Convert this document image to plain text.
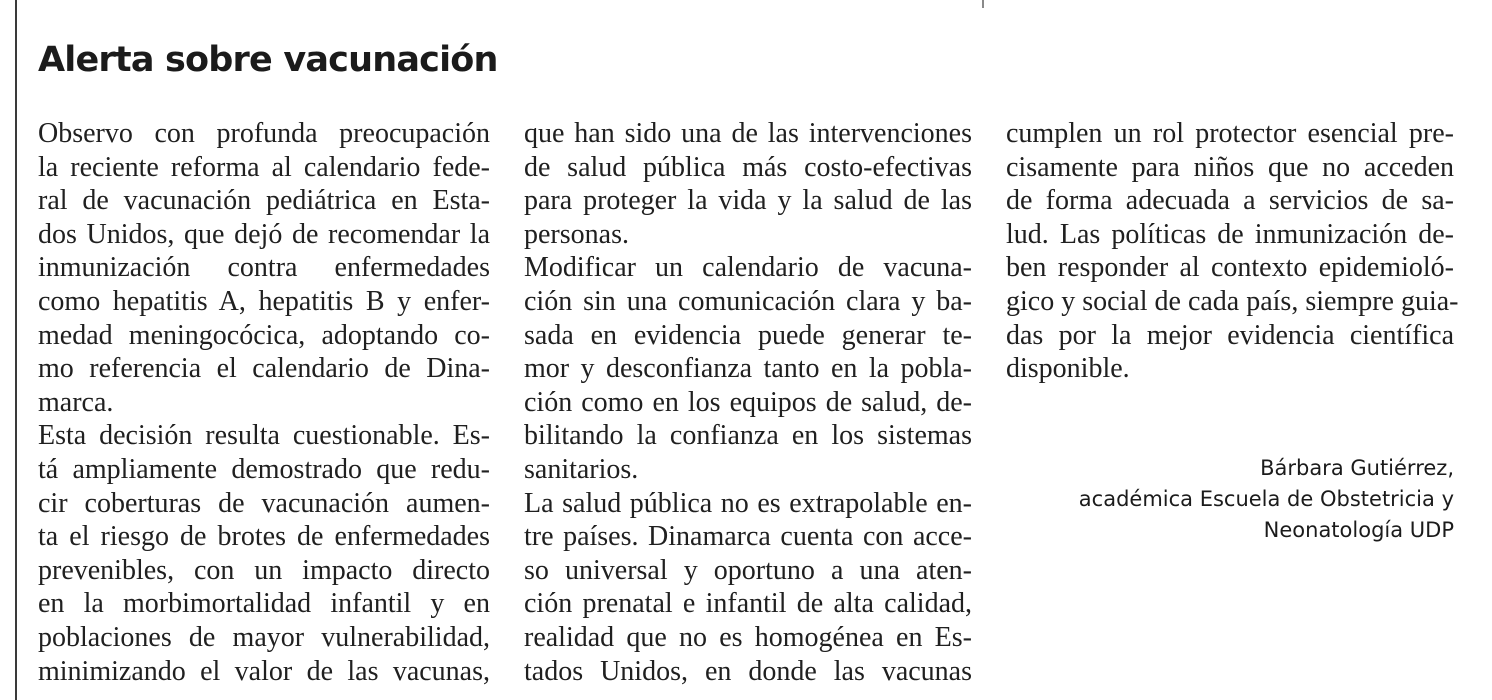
Alerta sobre vacunación
Observo con profunda preocupación
la reciente reforma al calendario fede-
ral de vacunación pediátrica en Esta-
dos Unidos, que dejó de recomendar la
inmunización contra enfermedades
como hepatitis A, hepatitis B y enfer-
medad meningocócica, adoptando co-
mo referencia el calendario de Dina-
marca.
Esta decisión resulta cuestionable. Es-
tá ampliamente demostrado que redu-
cir coberturas de vacunación aumen-
ta el riesgo de brotes de enfermedades
prevenibles, con un impacto directo
en la morbimortalidad infantil y en
poblaciones de mayor vulnerabilidad,
minimizando el valor de las vacunas,
que han sido una de las intervenciones
de salud pública más costo-efectivas
para proteger la vida y la salud de las
personas.
Modificar un calendario de vacuna-
ción sin una comunicación clara y ba-
sada en evidencia puede generar te-
mor y desconfianza tanto en la pobla-
ción como en los equipos de salud, de-
bilitando la confianza en los sistemas
sanitarios.
La salud pública no es extrapolable en-
tre países. Dinamarca cuenta con acce-
so universal y oportuno a una aten-
ción prenatal e infantil de alta calidad,
realidad que no es homogénea en Es-
tados Unidos, en donde las vacunas
cumplen un rol protector esencial pre-
cisamente para niños que no acceden
de forma adecuada a servicios de sa-
lud. Las políticas de inmunización de-
ben responder al contexto epidemioló-
gico y social de cada país, siempre guia-
das por la mejor evidencia científica
disponible.
Bárbara Gutiérrez,
académica Escuela de Obstetricia y
Neonatología UDP
